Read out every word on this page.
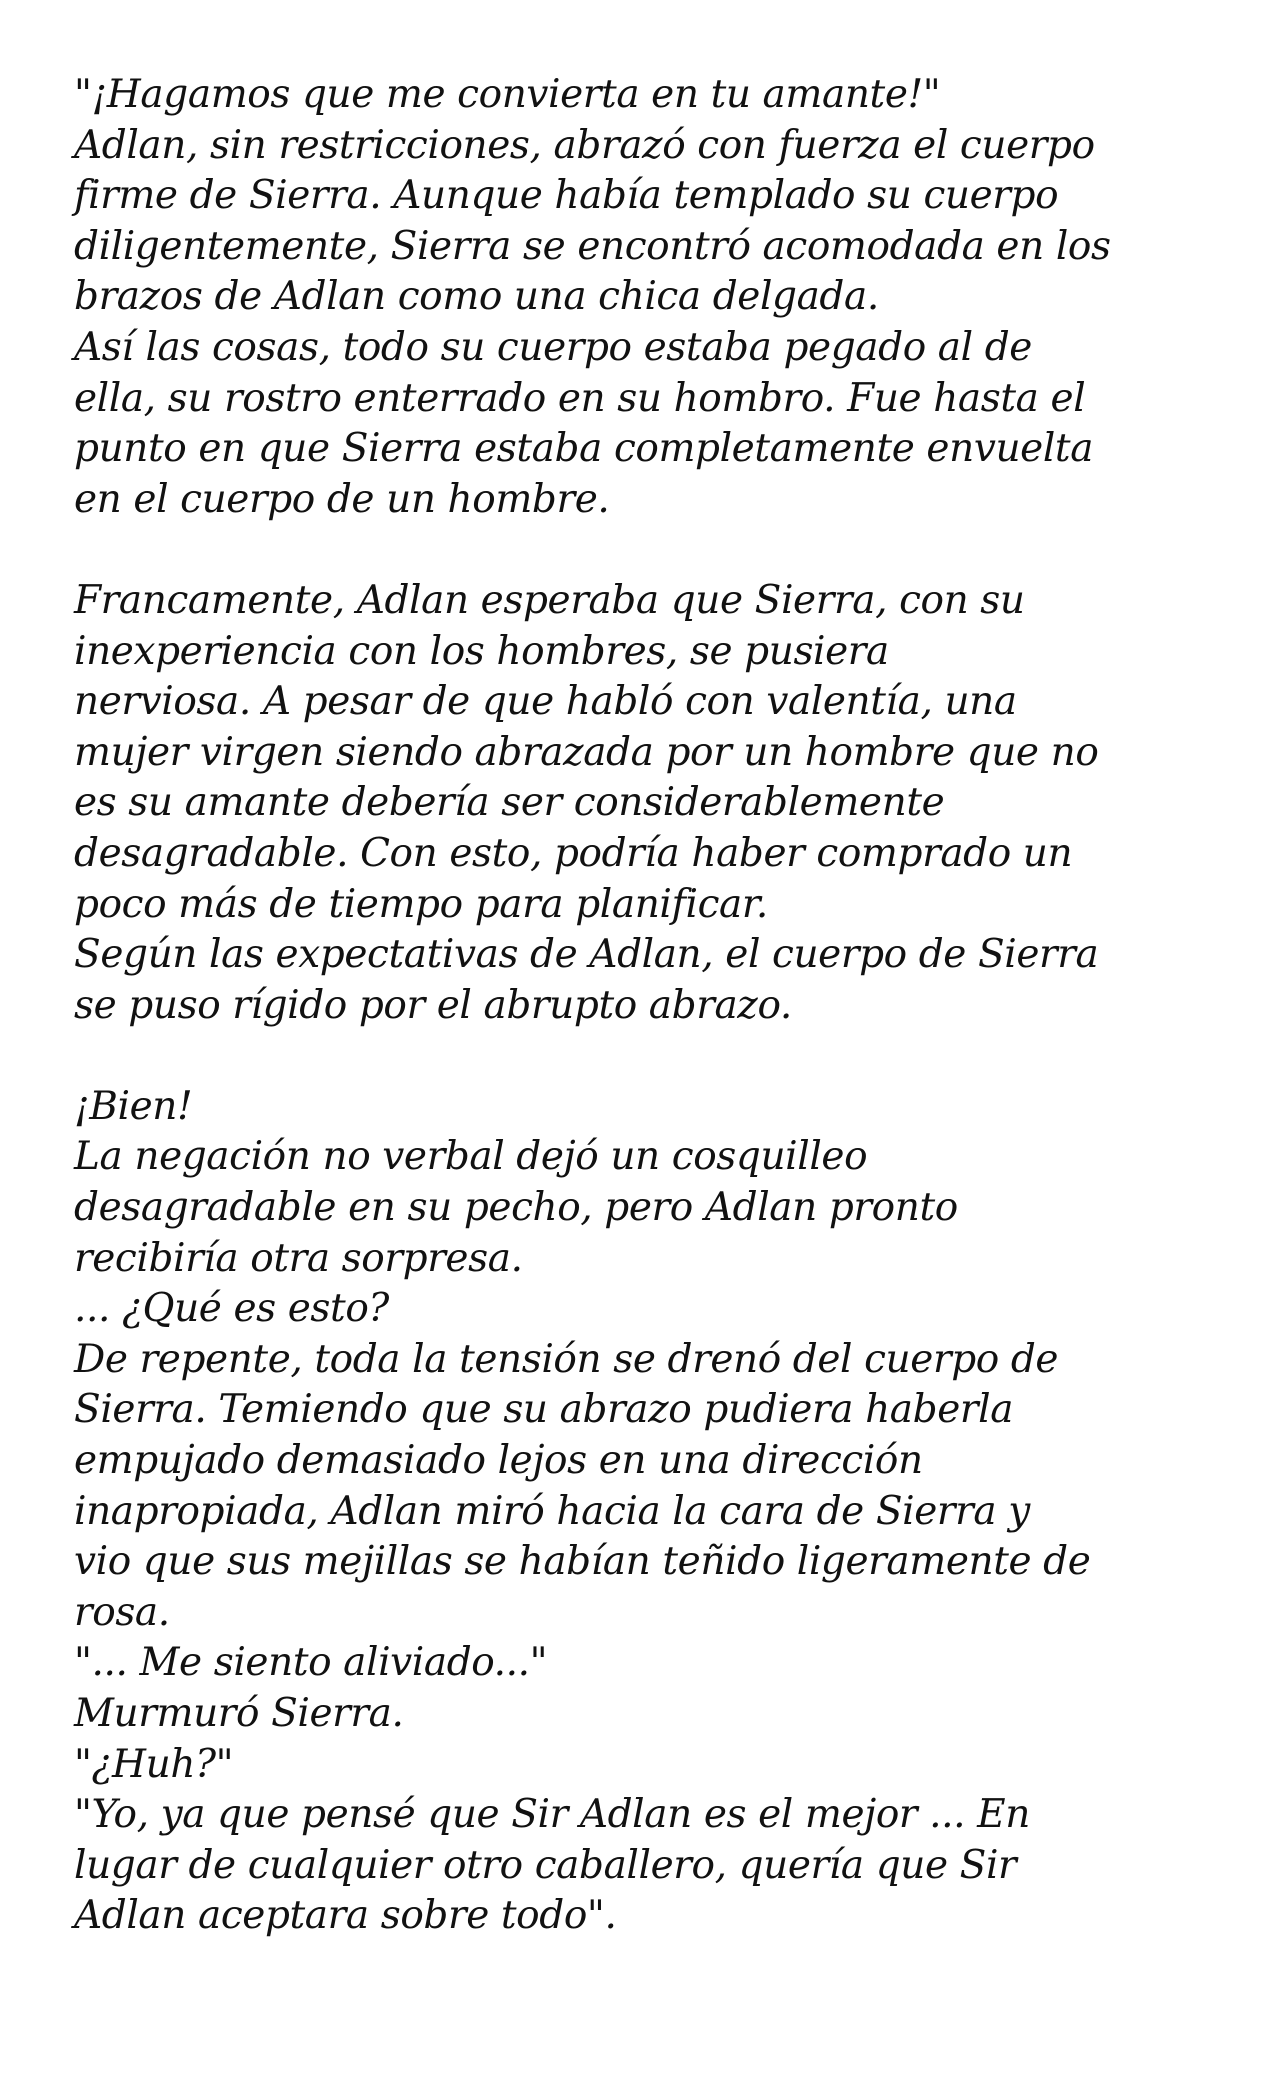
"¡Hagamos que me convierta en tu amante!"
Adlan, sin restricciones, abrazó con fuerza el cuerpo
firme de Sierra. Aunque había templado su cuerpo
diligentemente, Sierra se encontró acomodada en los
brazos de Adlan como una chica delgada.
Así las cosas, todo su cuerpo estaba pegado al de
ella, su rostro enterrado en su hombro. Fue hasta el
punto en que Sierra estaba completamente envuelta
en el cuerpo de un hombre.
Francamente, Adlan esperaba que Sierra, con su
inexperiencia con los hombres, se pusiera
nerviosa. A pesar de que habló con valentía, una
mujer virgen siendo abrazada por un hombre que no
es su amante debería ser considerablemente
desagradable. Con esto, podría haber comprado un
poco más de tiempo para planificar.
Según las expectativas de Adlan, el cuerpo de Sierra
se puso rígido por el abrupto abrazo.
¡Bien!
La negación no verbal dejó un cosquilleo
desagradable en su pecho, pero Adlan pronto
recibiría otra sorpresa.
... ¿Qué es esto?
De repente, toda la tensión se drenó del cuerpo de
Sierra. Temiendo que su abrazo pudiera haberla
empujado demasiado lejos en una dirección
inapropiada, Adlan miró hacia la cara de Sierra y
vio que sus mejillas se habían teñido ligeramente de
rosa.
"... Me siento aliviado..."
Murmuró Sierra.
"¿Huh?"
"Yo, ya que pensé que Sir Adlan es el mejor ... En
lugar de cualquier otro caballero, quería que Sir
Adlan aceptara sobre todo".
